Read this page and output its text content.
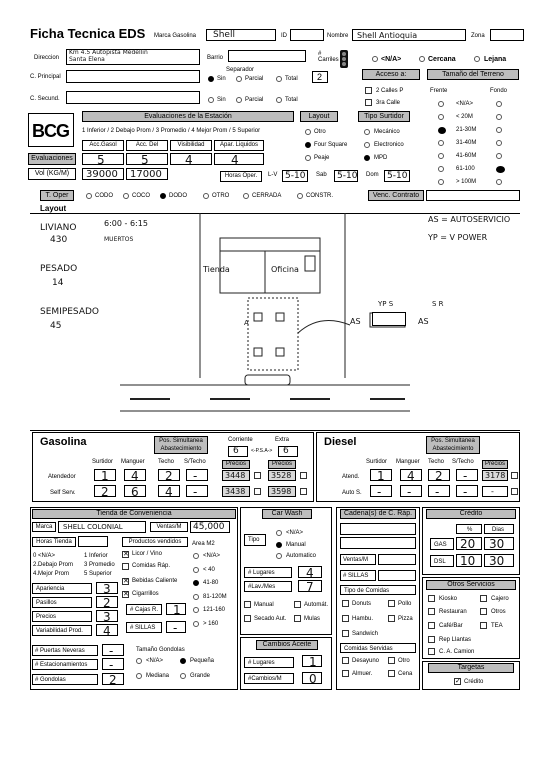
Ficha Tecnica EDS Marca Gasolina Shell	ID	Nombre Shell Antioquia	Zona
Direccion
Km 4.5 Autopista Medellin
Santa Elena	Barrio
# Carriles	<N/A>	Cercana	Lejana
Separador
2
C. Principal	Sin	Parcial	Total
Acceso a:
2 Calles P
3ra Calle
Tamaño del Terreno
Frente	Fondo
<N/A>
< 20M
21-30M
31-40M
41-60M
61-100
> 100M
C. Secund.	Sin	Parcial	Total
BCG
Evaluaciones de la Estación
1 Inferior / 2 Debajo Prom / 3 Promedio / 4 Mejor Prom / 5 Superior
Acc.Gasol	Acc. Del	Visibilidad	Apar. Liquidos
Evaluaciones 5	5	4	4
Vol (KG/M)	39000 17000
Layout
Otro
Four Square
Peaje
Tipo Surtidor
Mecánico
Electronico
MPD
Horas Oper.	L-V 5-10 Sab 5-10 Dom 5-10
T. Oper	CODO	COCO	DODO	OTRO	CERRADA	CONSTR.	Venc. Contrato
Layout
LIVIANO
430
6:00 - 6:15
MUERTOS
PESADO
14
SEMIPESADO
45
AS = AUTOSERVICIO
YP = V POWER
Tienda	Oficina
AS	AS
YP S	S R
A
Gasolina	Pos. Simultanea Abastecimiento
Corriente	Extra
6 <-P.S.A-> 6
Surtidor Manguer Techo S/Techo	Precios	Precios
Atendedor 1 4 2 -	3448	3528
Self Serv. 2 6 4 -	3438	3598
Diesel	Pos. Simultanea Abastecimiento
Surtidor Manguer Techo S/Techo	Precios
Atend. 1 4 2 - 3178
Auto S. - - - -	-
Tienda de Conveniencia
Marca	SHELL COLONIAL	Ventas/M	45,000
Horas Tienda	Productos vendidos	Area M2
0 <N/A>	1 Inferior
2.Debajo Prom 3 Promedio
4.Mejor Prom 5 Superior
✕ Licor / Vino
Comidas Ráp.
✕ Bebidas Caliente
✕ Cigarrillos
<N/A>
< 40
41-80
81-120M
121-160
> 160
Apariencia	3
Pasillos	2
Precios	3
Variabilidad Prod. 4
# Cajas R. 1
# SILLAS -
# Puertas Neveras -
# Estacionamientos -
# Gondolas	2
Tamaño Gondolas
<N/A>	Pequeña
Mediana	Grande
Car Wash
Tipo
<N/A>
Manual
Automatico
# Lugares	4
#Lav./Mes	7
Manual	Automát.
Secado Aut.	Mulas
Cambios Aceite
# Lugares	1
#Cambios/M 0
Cadena(s) de C. Ráp.
Ventas/M
# SILLAS
Tipo de Comidas
Donuts	Pollo
Hambu.	Pizza
Sandwich
Comidas Servidas
Desayuno	Otro
Almuer.	Cena
Crédito
%	Dias
GAS 20 30
DSL 10 30
Otros Servicios
Kiosko	Cajero
Restauran	Otros
Café/Bar	TEA
Rep Llantas
C. A. Camion
Targetas
✓ Crédito
